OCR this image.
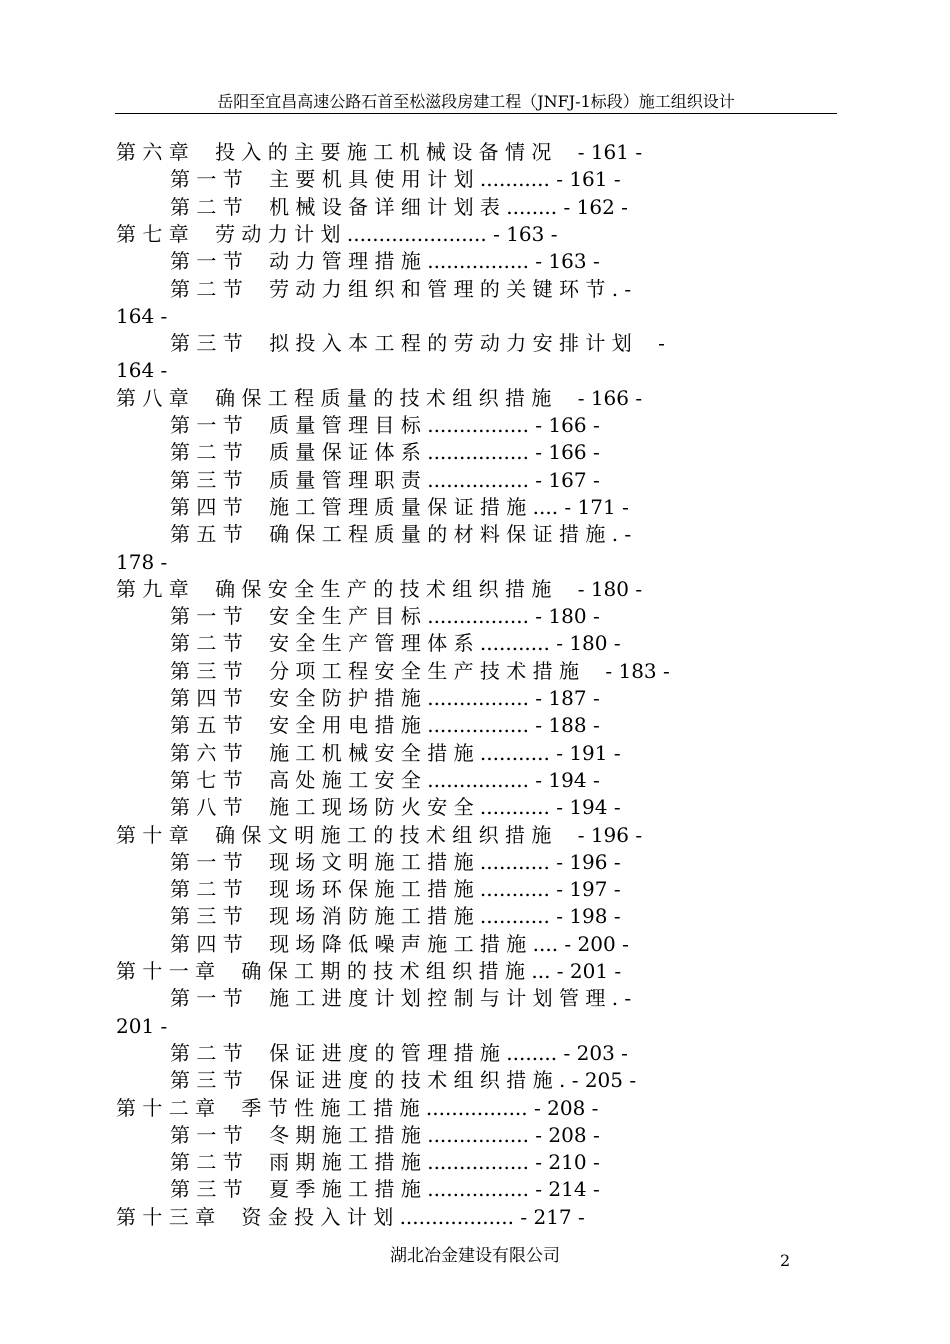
岳阳至宜昌高速公路石首至松滋段房建工程（JNFJ-1标段）施工组织设计
第 六 章　 投 入 的 主 要 施 工 机 械 设 备 情 况　 - 161 -
第 一 节　 主 要 机 具 使 用 计 划 ........... - 161 -
第 二 节　 机 械 设 备 详 细 计 划 表 ........ - 162 -
第 七 章　 劳 动 力 计 划 ...................... - 163 -
第 一 节　 动 力 管 理 措 施 ................ - 163 -
第 二 节　 劳 动 力 组 织 和 管 理 的 关 键 环 节 . -
164 -
第 三 节　 拟 投 入 本 工 程 的 劳 动 力 安 排 计 划　 -
164 -
第 八 章　 确 保 工 程 质 量 的 技 术 组 织 措 施　 - 166 -
第 一 节　 质 量 管 理 目 标 ................ - 166 -
第 二 节　 质 量 保 证 体 系 ................ - 166 -
第 三 节　 质 量 管 理 职 责 ................ - 167 -
第 四 节　 施 工 管 理 质 量 保 证 措 施 .... - 171 -
第 五 节　 确 保 工 程 质 量 的 材 料 保 证 措 施 . -
178 -
第 九 章　 确 保 安 全 生 产 的 技 术 组 织 措 施　 - 180 -
第 一 节　 安 全 生 产 目 标 ................ - 180 -
第 二 节　 安 全 生 产 管 理 体 系 ........... - 180 -
第 三 节　 分 项 工 程 安 全 生 产 技 术 措 施　 - 183 -
第 四 节　 安 全 防 护 措 施 ................ - 187 -
第 五 节　 安 全 用 电 措 施 ................ - 188 -
第 六 节　 施 工 机 械 安 全 措 施 ........... - 191 -
第 七 节　 高 处 施 工 安 全 ................ - 194 -
第 八 节　 施 工 现 场 防 火 安 全 ........... - 194 -
第 十 章　 确 保 文 明 施 工 的 技 术 组 织 措 施　 - 196 -
第 一 节　 现 场 文 明 施 工 措 施 ........... - 196 -
第 二 节　 现 场 环 保 施 工 措 施 ........... - 197 -
第 三 节　 现 场 消 防 施 工 措 施 ........... - 198 -
第 四 节　 现 场 降 低 噪 声 施 工 措 施 .... - 200 -
第 十 一 章　 确 保 工 期 的 技 术 组 织 措 施 ... - 201 -
第 一 节　 施 工 进 度 计 划 控 制 与 计 划 管 理 . -
201 -
第 二 节　 保 证 进 度 的 管 理 措 施 ........ - 203 -
第 三 节　 保 证 进 度 的 技 术 组 织 措 施 . - 205 -
第 十 二 章　 季 节 性 施 工 措 施 ................ - 208 -
第 一 节　 冬 期 施 工 措 施 ................ - 208 -
第 二 节　 雨 期 施 工 措 施 ................ - 210 -
第 三 节　 夏 季 施 工 措 施 ................ - 214 -
第 十 三 章　 资 金 投 入 计 划 .................. - 217 -
湖北冶金建设有限公司	2
